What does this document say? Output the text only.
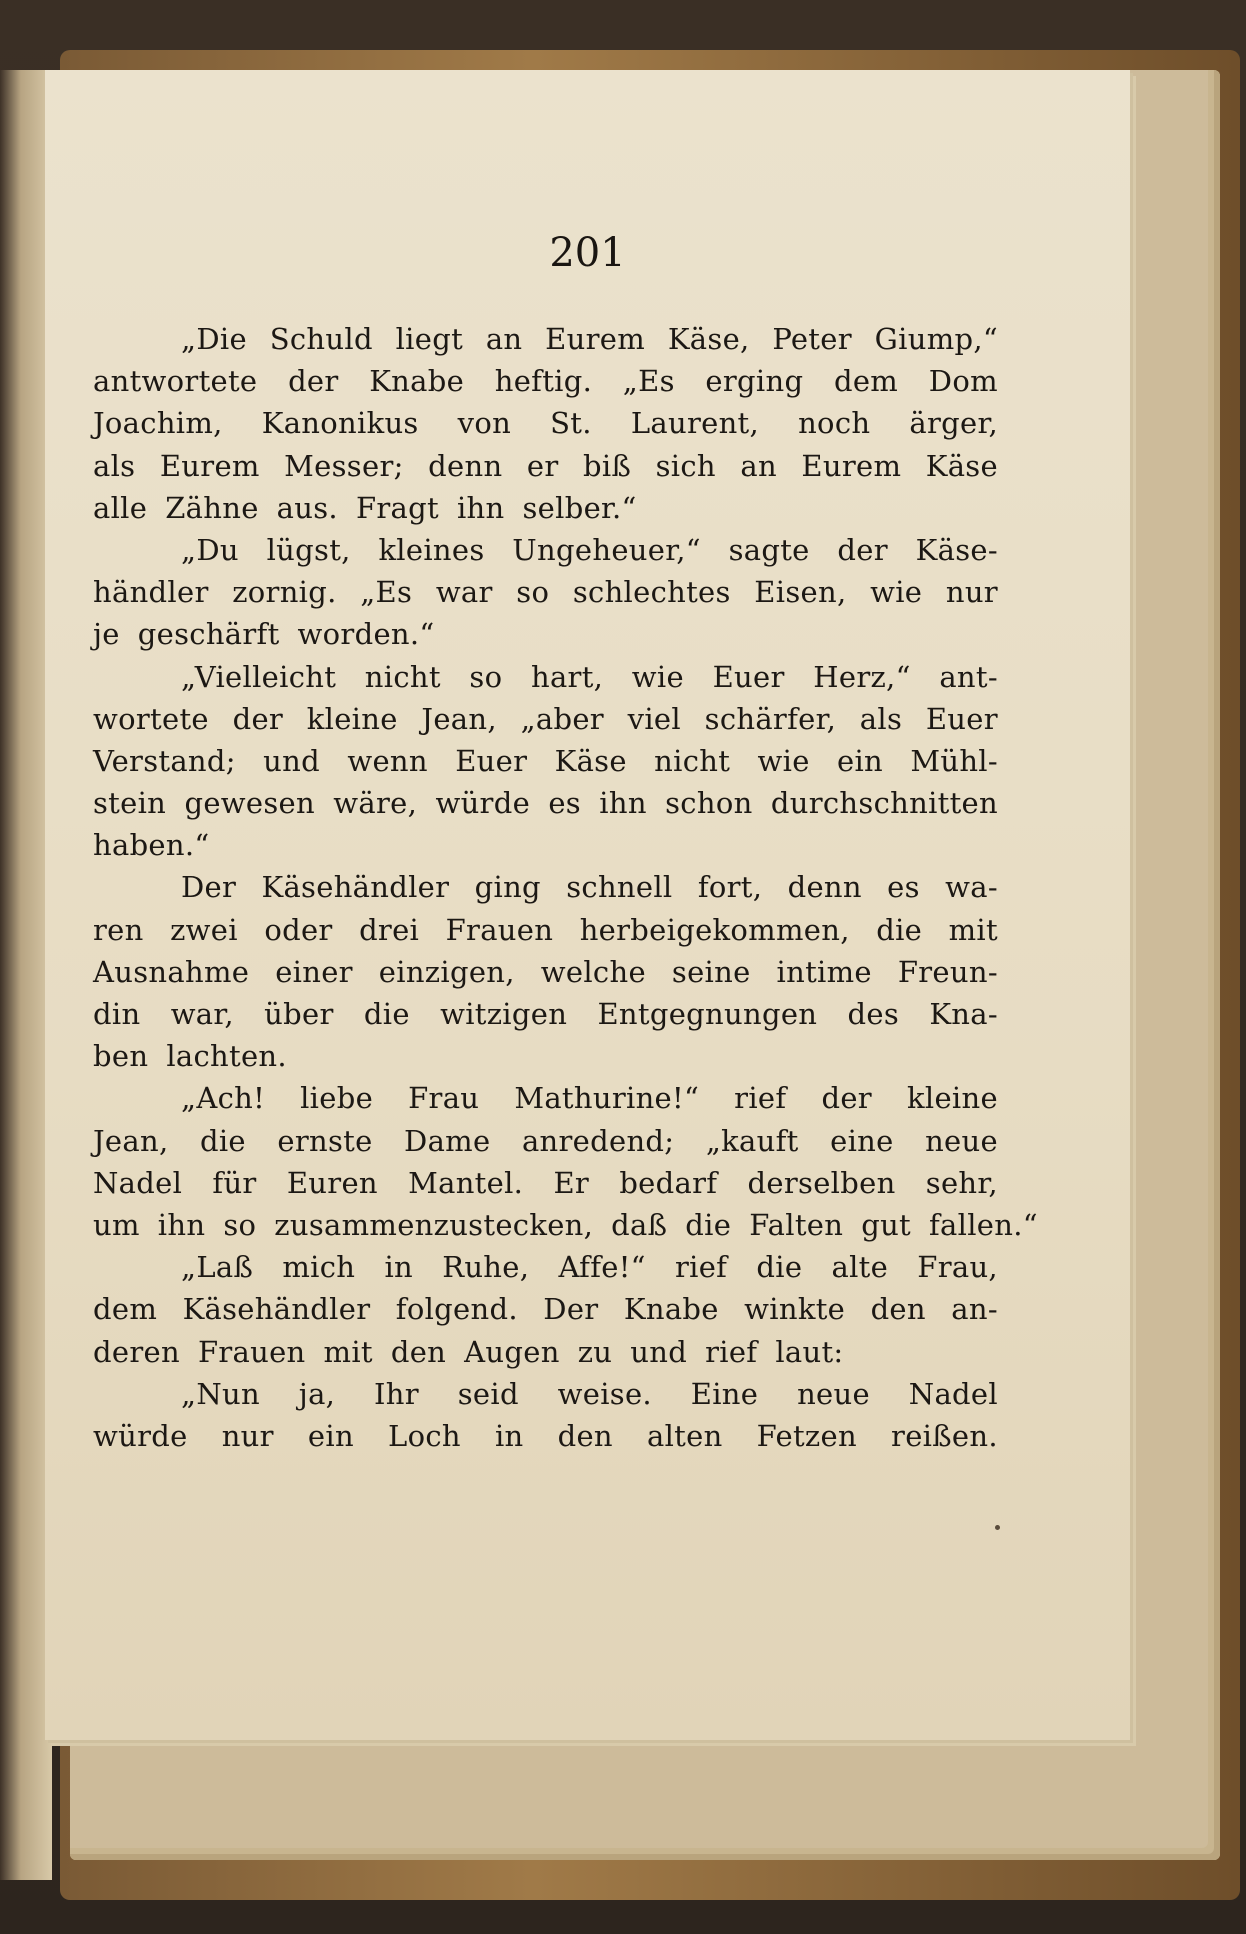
201
„Die Schuld liegt an Eurem Käse, Peter Giump,“
antwortete der Knabe heftig. „Es erging dem Dom
Joachim, Kanonikus von St. Laurent, noch ärger,
als Eurem Messer; denn er biß sich an Eurem Käse
alle Zähne aus. Fragt ihn selber.“
„Du lügst, kleines Ungeheuer,“ sagte der Käse-
händler zornig. „Es war so schlechtes Eisen, wie nur
je geschärft worden.“
„Vielleicht nicht so hart, wie Euer Herz,“ ant-
wortete der kleine Jean, „aber viel schärfer, als Euer
Verstand; und wenn Euer Käse nicht wie ein Mühl-
stein gewesen wäre, würde es ihn schon durchschnitten
haben.“
Der Käsehändler ging schnell fort, denn es wa-
ren zwei oder drei Frauen herbeigekommen, die mit
Ausnahme einer einzigen, welche seine intime Freun-
din war, über die witzigen Entgegnungen des Kna-
ben lachten.
„Ach! liebe Frau Mathurine!“ rief der kleine
Jean, die ernste Dame anredend; „kauft eine neue
Nadel für Euren Mantel. Er bedarf derselben sehr,
um ihn so zusammenzustecken, daß die Falten gut fallen.“
„Laß mich in Ruhe, Affe!“ rief die alte Frau,
dem Käsehändler folgend. Der Knabe winkte den an-
deren Frauen mit den Augen zu und rief laut:
„Nun ja, Ihr seid weise. Eine neue Nadel
würde nur ein Loch in den alten Fetzen reißen.
